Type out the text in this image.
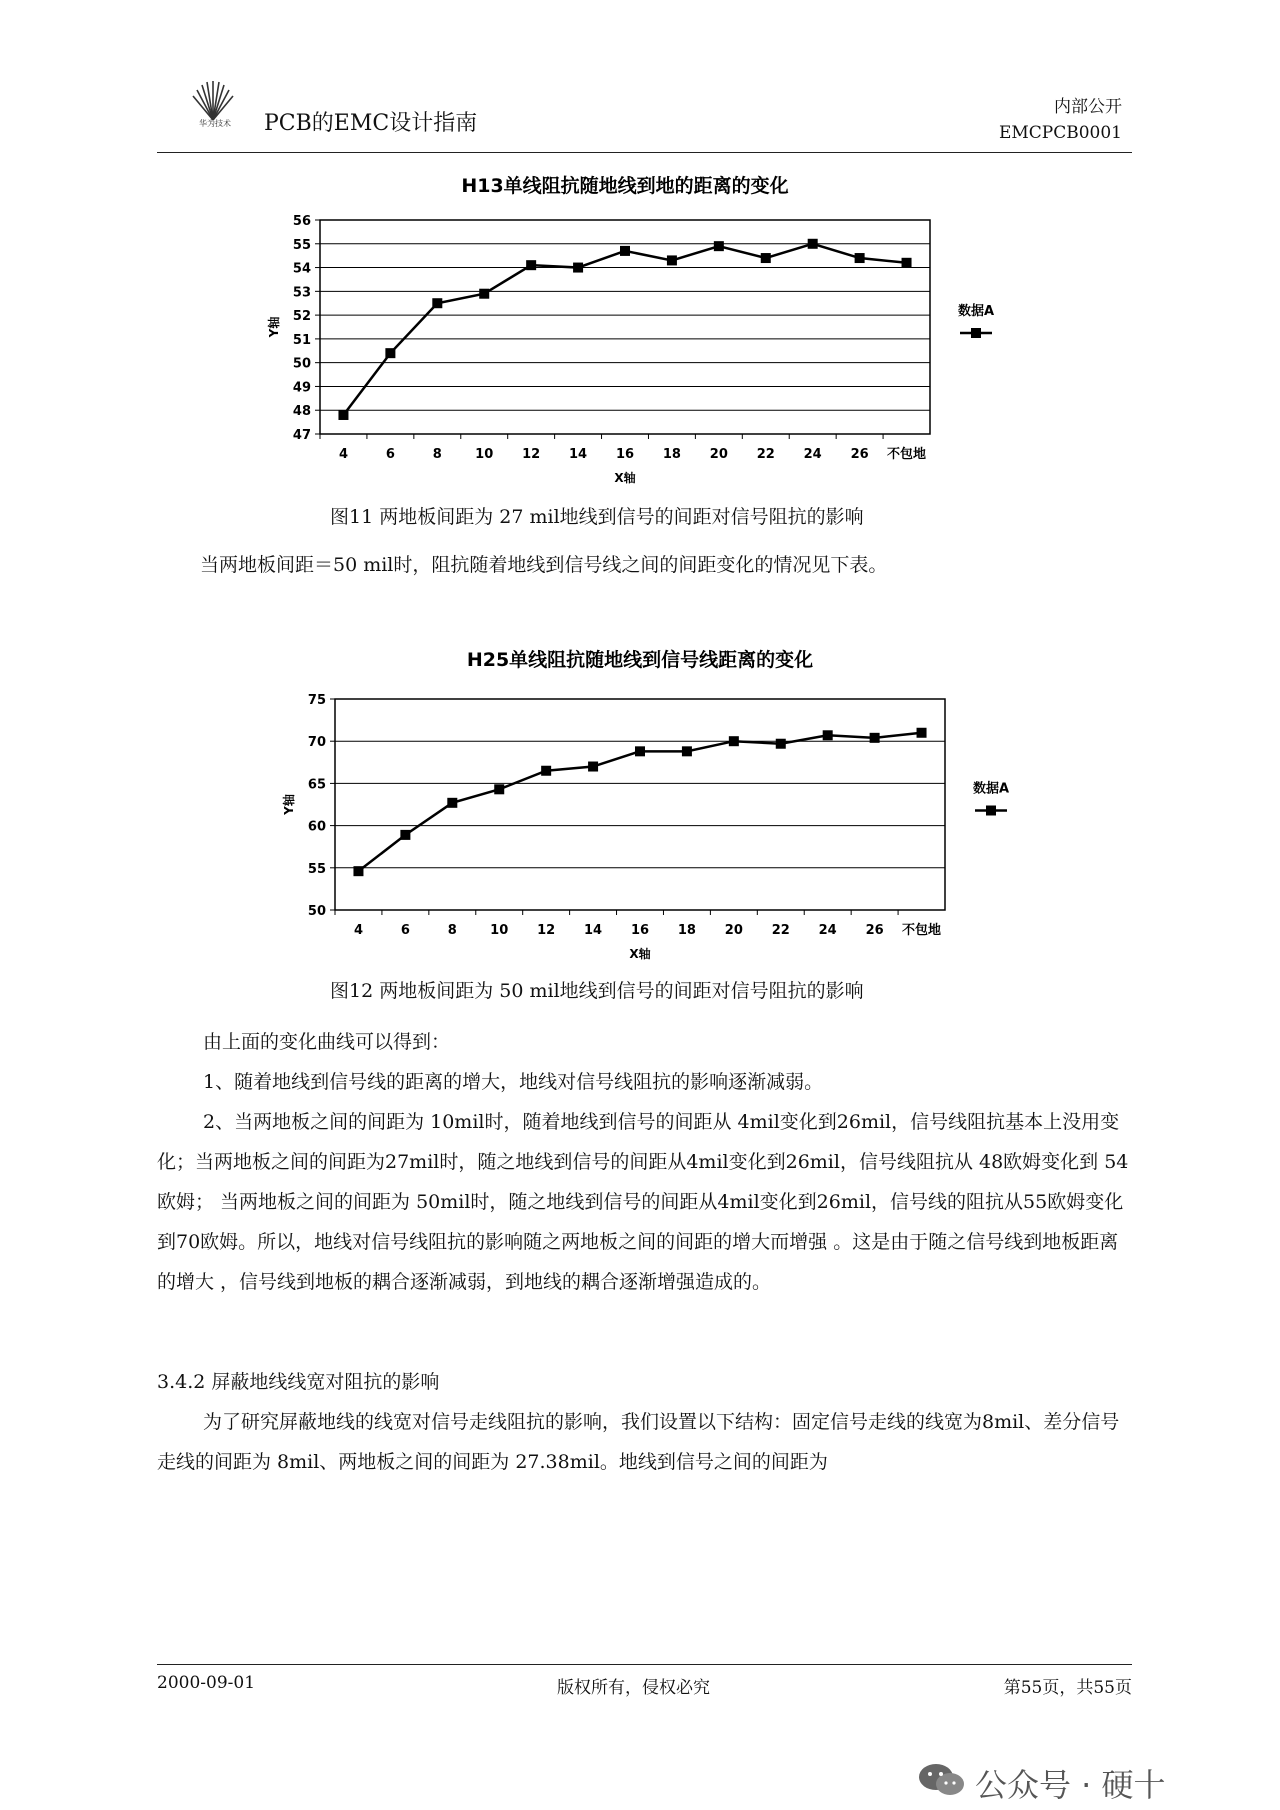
华为技术	PCB的EMC设计指南
内部公开
EMCPCB0001
H13单线阻抗随地线到地的距离的变化
47
48
49
50
51
52
53
54
55
56
4	6	8	10 12 14 16 18 20 22 24 26 不包地
X轴
Y轴
数据A
图11 两地板间距为 27 mil地线到信号的间距对信号阻抗的影响
当两地板间距＝50 mil时，阻抗随着地线到信号线之间的间距变化的情况见下表。
H25单线阻抗随地线到信号线距离的变化
50
55
60
65
70
75
4	6	8	10 12 14 16 18 20 22 24 26 不包地
X轴
Y轴
数据A
图12 两地板间距为 50 mil地线到信号的间距对信号阻抗的影响
由上面的变化曲线可以得到：
1、随着地线到信号线的距离的增大，地线对信号线阻抗的影响逐渐减弱。
2、当两地板之间的间距为 10mil时，随着地线到信号的间距从 4mil变化到26mil，信号线阻抗基本上没用变化；当两地板之间的间距为27mil时，随之地线到信号的间距从4mil变化到26mil，信号线阻抗从 48欧姆变化到 54欧姆； 当两地板之间的间距为 50mil时，随之地线到信号的间距从4mil变化到26mil，信号线的阻抗从55欧姆变化到70欧姆。所以，地线对信号线阻抗的影响随之两地板之间的间距的增大而增强 。这是由于随之信号线到地板距离的增大 ，信号线到地板的耦合逐渐减弱，到地线的耦合逐渐增强造成的。
3.4.2 屏蔽地线线宽对阻抗的影响
为了研究屏蔽地线的线宽对信号走线阻抗的影响，我们设置以下结构：固定信号走线的线宽为8mil、差分信号 走线的间距为 8mil、两地板之间的间距为 27.38mil。地线到信号之间的间距为
2000-09-01	版权所有，侵权必究	第55页，共55页
公众号 · 硬十
